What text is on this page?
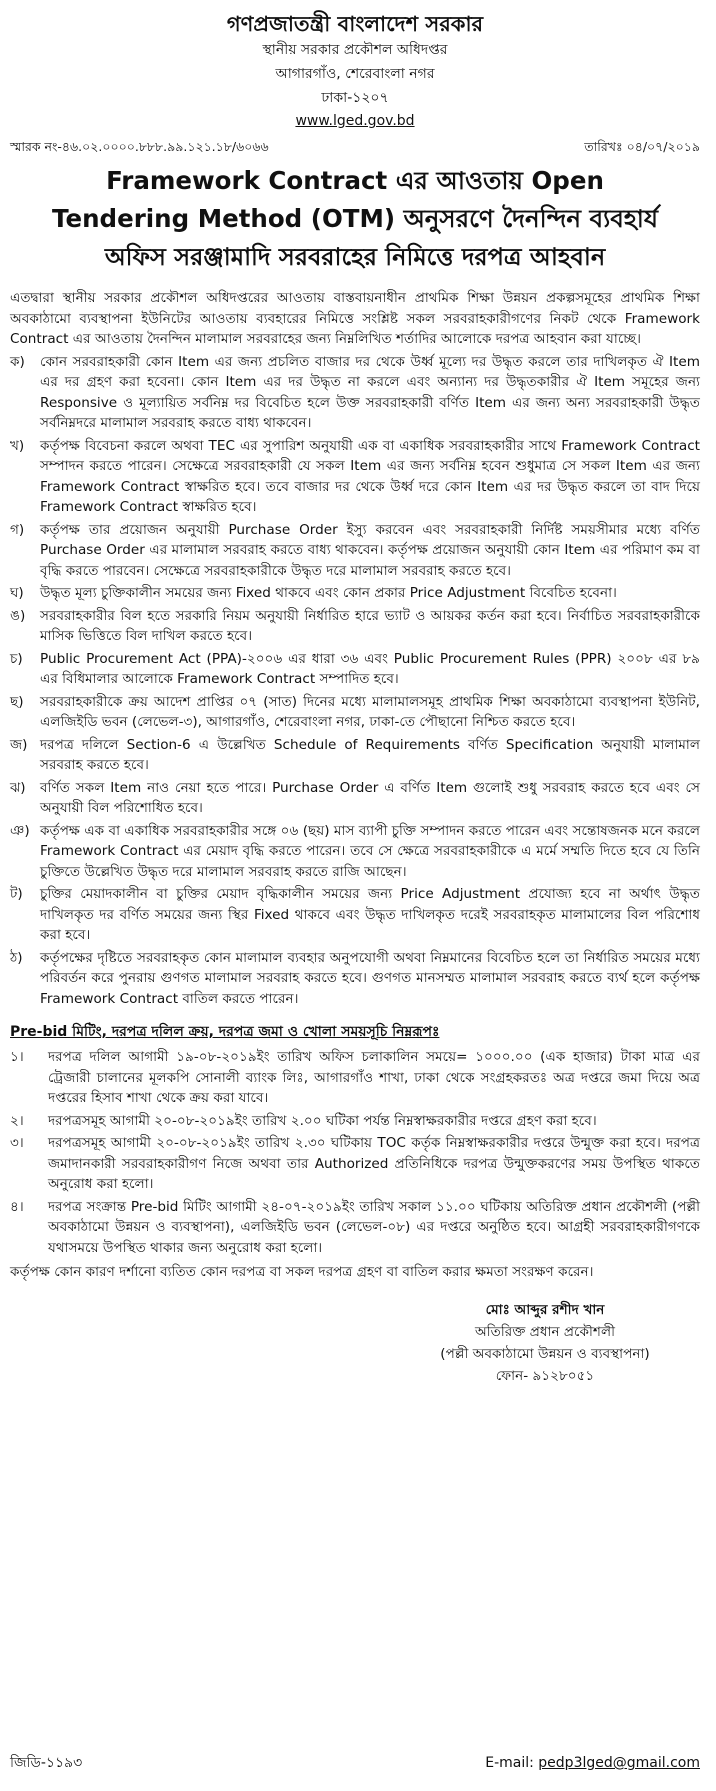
গণপ্রজাতন্ত্রী বাংলাদেশ সরকার
স্থানীয় সরকার প্রকৌশল অধিদপ্তর
আগারগাঁও, শেরেবাংলা নগর
ঢাকা-১২০৭
www.lged.gov.bd
স্মারক নং-৪৬.০২.০০০০.৮৮৮.৯৯.১২১.১৮/৬০৬৬	তারিখঃ ০৪/০৭/২০১৯
Framework Contract এর আওতায় Open
Tendering Method (OTM) অনুসরণে দৈনন্দিন ব্যবহার্য
অফিস সরঞ্জামাদি সরবরাহের নিমিত্তে দরপত্র আহবান
এতদ্বারা স্থানীয় সরকার প্রকৌশল অধিদপ্তরের আওতায় বাস্তবায়নাধীন প্রাথমিক শিক্ষা উন্নয়ন প্রকল্পসমূহের প্রাথমিক শিক্ষা অবকাঠামো ব্যবস্থাপনা ইউনিটের আওতায় ব্যবহারের নিমিত্তে সংশ্লিষ্ট সকল সরবরাহকারীগণের নিকট থেকে Framework Contract এর আওতায় দৈনন্দিন মালামাল সরবরাহের জন্য নিম্নলিখিত শর্তাদির আলোকে দরপত্র আহবান করা যাচ্ছে।
ক)	কোন সরবরাহকারী কোন Item এর জন্য প্রচলিত বাজার দর থেকে উর্ধ্ব মূল্যে দর উদ্ধৃত করলে তার দাখিলকৃত ঐ Item এর দর গ্রহণ করা হবেনা। কোন Item এর দর উদ্ধৃত না করলে এবং অন্যান্য দর উদ্ধৃতকারীর ঐ Item সমূহের জন্য Responsive ও মূল্যায়িত সর্বনিম্ন দর বিবেচিত হলে উক্ত সরবরাহকারী বর্ণিত Item এর জন্য অন্য সরবরাহকারী উদ্ধৃত সর্বনিম্নদরে মালামাল সরবরাহ করতে বাধ্য থাকবেন।
খ)	কর্তৃপক্ষ বিবেচনা করলে অথবা TEC এর সুপারিশ অনুযায়ী এক বা একাধিক সরবরাহকারীর সাথে Framework Contract সম্পাদন করতে পারেন। সেক্ষেত্রে সরবরাহকারী যে সকল Item এর জন্য সর্বনিম্ন হবেন শুধুমাত্র সে সকল Item এর জন্য Framework Contract স্বাক্ষরিত হবে। তবে বাজার দর থেকে উর্ধ্ব দরে কোন Item এর দর উদ্ধৃত করলে তা বাদ দিয়ে Framework Contract স্বাক্ষরিত হবে।
গ)	কর্তৃপক্ষ তার প্রয়োজন অনুযায়ী Purchase Order ইস্যু করবেন এবং সরবরাহকারী নির্দিষ্ট সময়সীমার মধ্যে বর্ণিত Purchase Order এর মালামাল সরবরাহ করতে বাধ্য থাকবেন। কর্তৃপক্ষ প্রয়োজন অনুযায়ী কোন Item এর পরিমাণ কম বা বৃদ্ধি করতে পারবেন। সেক্ষেত্রে সরবরাহকারীকে উদ্ধৃত দরে মালামাল সরবরাহ করতে হবে।
ঘ)	উদ্ধৃত মূল্য চুক্তিকালীন সময়ের জন্য Fixed থাকবে এবং কোন প্রকার Price Adjustment বিবেচিত হবেনা।
ঙ)	সরবরাহকারীর বিল হতে সরকারি নিয়ম অনুযায়ী নির্ধারিত হারে ভ্যাট ও আয়কর কর্তন করা হবে। নির্বাচিত সরবরাহকারীকে মাসিক ভিত্তিতে বিল দাখিল করতে হবে।
চ)	Public Procurement Act (PPA)-২০০৬ এর ধারা ৩৬ এবং Public Procurement Rules (PPR) ২০০৮ এর ৮৯ এর বিধিমালার আলোকে Framework Contract সম্পাদিত হবে।
ছ)	সরবরাহকারীকে ক্রয় আদেশ প্রাপ্তির ০৭ (সাত) দিনের মধ্যে মালামালসমূহ প্রাথমিক শিক্ষা অবকাঠামো ব্যবস্থাপনা ইউনিট, এলজিইডি ভবন (লেভেল-৩), আগারগাঁও, শেরেবাংলা নগর, ঢাকা-তে পৌছানো নিশ্চিত করতে হবে।
জ) দরপত্র দলিলে Section-6 এ উল্লেখিত Schedule of Requirements বর্ণিত Specification অনুযায়ী মালামাল সরবরাহ করতে হবে।
ঝ)	বর্ণিত সকল Item নাও নেয়া হতে পারে। Purchase Order এ বর্ণিত Item গুলোই শুধু সরবরাহ করতে হবে এবং সে অনুযায়ী বিল পরিশোধিত হবে।
ঞ) কর্তৃপক্ষ এক বা একাধিক সরবরাহকারীর সঙ্গে ০৬ (ছয়) মাস ব্যাপী চুক্তি সম্পাদন করতে পারেন এবং সন্তোষজনক মনে করলে Framework Contract এর মেয়াদ বৃদ্ধি করতে পারেন। তবে সে ক্ষেত্রে সরবরাহকারীকে এ মর্মে সম্মতি দিতে হবে যে তিনি চুক্তিতে উল্লেখিত উদ্ধৃত দরে মালামাল সরবরাহ করতে রাজি আছেন।
ট)	চুক্তির মেয়াদকালীন বা চুক্তির মেয়াদ বৃদ্ধিকালীন সময়ের জন্য Price Adjustment প্রযোজ্য হবে না অর্থাৎ উদ্ধৃত দাখিলকৃত দর বর্ণিত সময়ের জন্য স্থির Fixed থাকবে এবং উদ্ধৃত দাখিলকৃত দরেই সরবরাহকৃত মালামালের বিল পরিশোধ করা হবে।
ঠ)	কর্তৃপক্ষের দৃষ্টিতে সরবরাহকৃত কোন মালামাল ব্যবহার অনুপযোগী অথবা নিম্নমানের বিবেচিত হলে তা নির্ধারিত সময়ের মধ্যে পরিবর্তন করে পুনরায় গুণগত মালামাল সরবরাহ করতে হবে। গুণগত মানসম্মত মালামাল সরবরাহ করতে ব্যর্থ হলে কর্তৃপক্ষ Framework Contract বাতিল করতে পারেন।
Pre-bid মিটিং, দরপত্র দলিল ক্রয়, দরপত্র জমা ও খোলা সময়সূচি নিম্নরূপঃ
১।	দরপত্র দলিল আগামী ১৯-০৮-২০১৯ইং তারিখ অফিস চলাকালিন সময়ে= ১০০০.০০ (এক হাজার) টাকা মাত্র এর ট্রেজারী চালানের মূলকপি সোনালী ব্যাংক লিঃ, আগারগাঁও শাখা, ঢাকা থেকে সংগ্রহকরতঃ অত্র দপ্তরে জমা দিয়ে অত্র দপ্তরের হিসাব শাখা থেকে ক্রয় করা যাবে।
২।	দরপত্রসমূহ আগামী ২০-০৮-২০১৯ইং তারিখ ২.০০ ঘটিকা পর্যন্ত নিম্নস্বাক্ষরকারীর দপ্তরে গ্রহণ করা হবে।
৩।	দরপত্রসমূহ আগামী ২০-০৮-২০১৯ইং তারিখ ২.৩০ ঘটিকায় TOC কর্তৃক নিম্নস্বাক্ষরকারীর দপ্তরে উন্মুক্ত করা হবে। দরপত্র জমাদানকারী সরবরাহকারীগণ নিজে অথবা তার Authorized প্রতিনিধিকে দরপত্র উন্মুক্তকরণের সময় উপস্থিত থাকতে অনুরোধ করা হলো।
৪।	দরপত্র সংক্রান্ত Pre-bid মিটিং আগামী ২৪-০৭-২০১৯ইং তারিখ সকাল ১১.০০ ঘটিকায় অতিরিক্ত প্রধান প্রকৌশলী (পল্লী অবকাঠামো উন্নয়ন ও ব্যবস্থাপনা), এলজিইডি ভবন (লেভেল-০৮) এর দপ্তরে অনুষ্ঠিত হবে। আগ্রহী সরবরাহকারীগণকে যথাসময়ে উপস্থিত থাকার জন্য অনুরোধ করা হলো।
কর্তৃপক্ষ কোন কারণ দর্শানো ব্যতিত কোন দরপত্র বা সকল দরপত্র গ্রহণ বা বাতিল করার ক্ষমতা সংরক্ষণ করেন।
মোঃ আব্দুর রশীদ খান
অতিরিক্ত প্রধান প্রকৌশলী
(পল্লী অবকাঠামো উন্নয়ন ও ব্যবস্থাপনা)
ফোন- ৯১২৮০৫১
জিডি-১১৯৩	E-mail: pedp3lged@gmail.com
